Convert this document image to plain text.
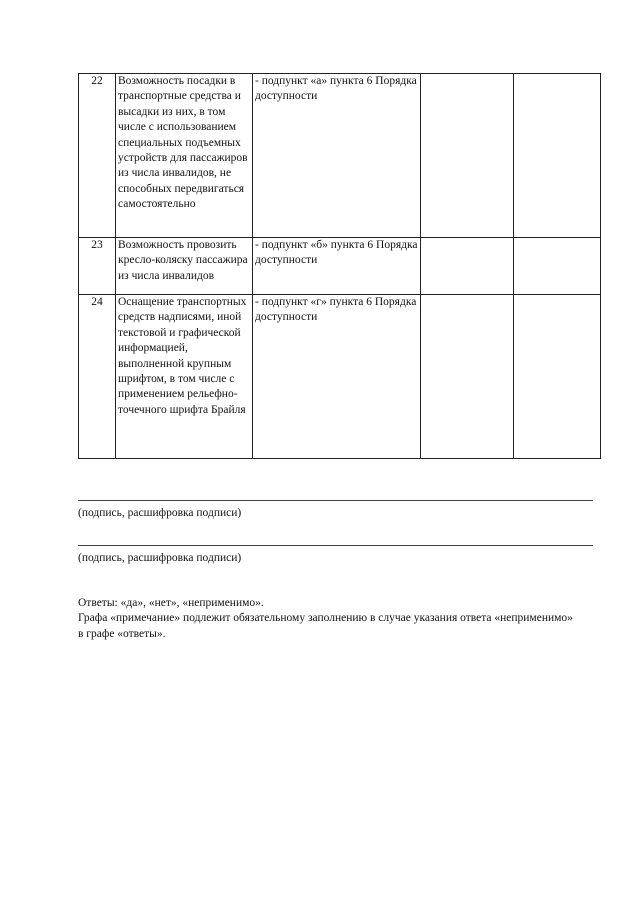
22	Возможность посадки в транспортные средства и высадки из них, в том числе с использованием специальных подъемных устройств для пассажиров из числа инвалидов, не способных передвигаться самостоятельно	- подпункт «а» пункта 6 Порядка доступности		
23	Возможность провозить кресло-коляску пассажира из числа инвалидов	- подпункт «б» пункта 6 Порядка доступности		
24	Оснащение транспортных средств надписями, иной текстовой и графической информацией, выполненной крупным шрифтом, в том числе с применением рельефно-точечного шрифта Брайля	- подпункт «г» пункта 6 Порядка доступности		
(подпись, расшифровка подписи)
(подпись, расшифровка подписи)

Ответы: «да», «нет», «неприменимо».

Графа «примечание» подлежит обязательному заполнению в случае указания ответа «неприменимо» в графе «ответы».
